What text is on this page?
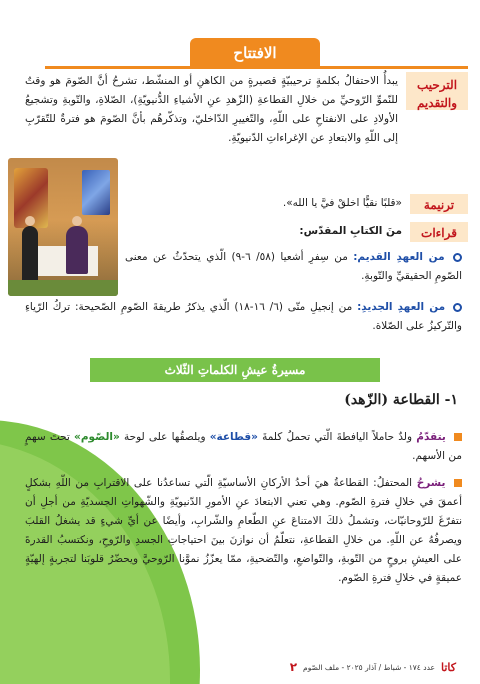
الافتتاح
الترحيب والتقديم
يبدأُ الاحتفالُ بكلمةٍ ترحيبيّةٍ قصيرةٍ من الكاهنِ أو المنشّط، تشرحُ أنَّ الصّومَ هو وقتٌ للنّموِّ الرّوحيِّ من خلالِ القطاعةِ (الزّهدِ عنِ الأشياءِ الدُّنيويّةِ)، الصّلاةِ، والتّوبةِ وتشجيعُ الأولادِ على الانفتاحِ على اللّهِ، والتّغييرِ الدّاخليّ، وتذكّرهُم بأنَّ الصّومَ هو فترةٌ للتّقرّبِ إلى اللّهِ والابتعادِ عن الإغراءاتِ الدّنيويّةِ.
ترنيمة
«قلبًا نقيًّا اخلقْ فيَّ يا الله».
قراءات
منَ الكتابِ المقدّس:
من العهدِ القديم: من سِفرِ أشعيا (٥٨/ ٦-٩) الّذي يتحدّثُ عن معنى الصّومِ الحقيقيِّ والتّوبةِ.
من العهدِ الجديدِ: من إنجيلِ متّى (٦/ ١٦-١٨) الّذي يذكرُ طريقةَ الصّومِ الصّحيحة: تركُ الرّياءِ والتّركيزُ على الصّلاة.
يتقدّمُ ولدٌ حاملاً اليافطةَ الّتي تحملُ كلمةَ «قطاعة» ويلصقُها على لوحة «الصّوم» تحتَ سهمٍ من الأسهم.
يشرحُ المحتفلُ: القطاعةُ هيَ أحدُ الأركانِ الأساسيّةِ الّتي تساعدُنا على الاقترابِ من اللّهِ بشكلٍ أعمقَ في خلالِ فترةِ الصّوم. وهي تعني الابتعادَ عنِ الأمورِ الدّنيويّةِ والشّهواتِ الجسديّةِ من أجلِ أن نتفرّغَ للرّوحانيّات، وتشملُ ذلكَ الامتناعَ عنِ الطّعامِ والشّرابِ، وأيضًا عن أيِّ شيءٍ قد يشغلُ القلبَ ويصرفُهُ عن اللّهِ. من خلالِ القطاعةِ، نتعلّمُ أن نوازنَ بينَ احتياجاتِ الجسدِ والرّوحِ، ونكتسبُ القدرةَ على العيشِ بروحٍ من التّوبةِ، والتّواضعِ، والتّضحيةِ، ممّا يعزّزُ نموَّنا الرّوحيَّ ويحضّرُ قلوبَنا لتجربةٍ إلهيّةٍ عميقةٍ في خلالِ فترةِ الصّوم.
مسيرةُ عيشِ الكلماتِ الثّلاث
١- القطاعة (الزّهد)
٢ عدد ١٧٤ - شباط / آذار ٢٠٢٥ - ملف الصّوم كاتا
